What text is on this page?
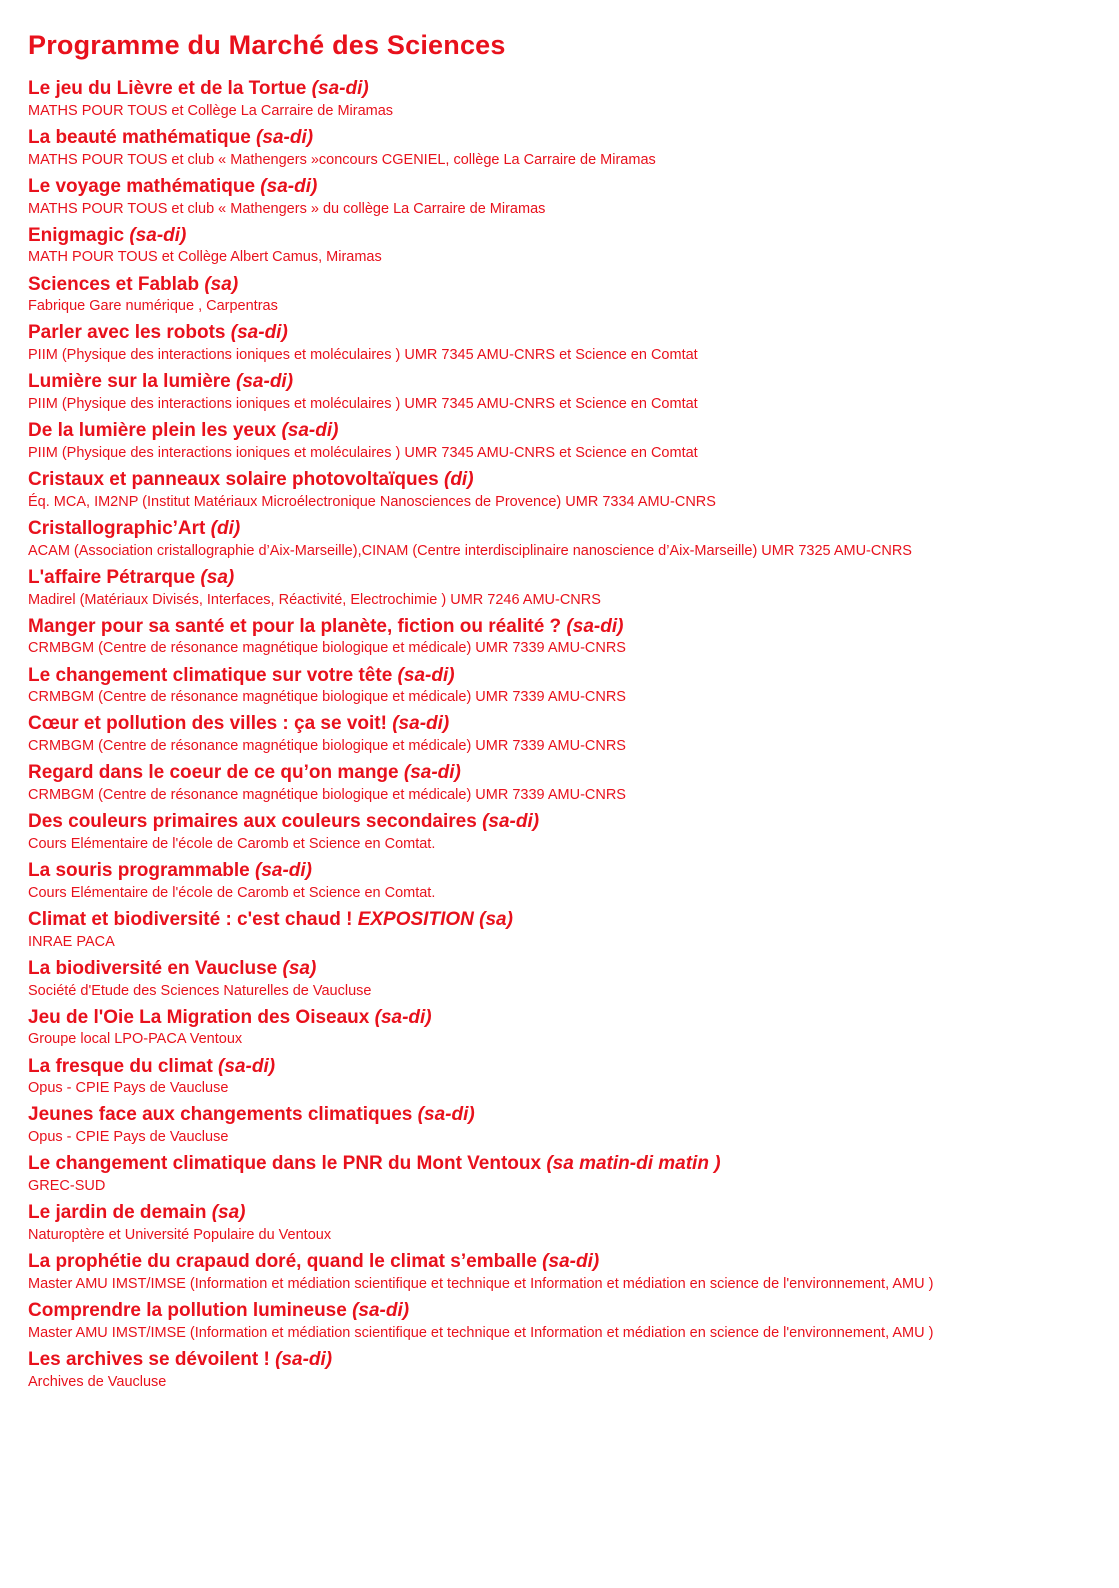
Programme du Marché des Sciences
Le jeu du Lièvre et de la Tortue (sa-di)
MATHS POUR TOUS et Collège La Carraire de Miramas
La beauté mathématique (sa-di)
MATHS POUR TOUS et club « Mathengers »concours CGENIEL, collège La Carraire de Miramas
Le voyage mathématique (sa-di)
MATHS POUR TOUS et club « Mathengers » du collège La Carraire de Miramas
Enigmagic (sa-di)
MATH POUR TOUS et Collège Albert Camus, Miramas
Sciences et Fablab (sa)
Fabrique Gare numérique , Carpentras
Parler avec les robots (sa-di)
PIIM (Physique des interactions ioniques et moléculaires ) UMR 7345 AMU-CNRS et Science en Comtat
Lumière sur la lumière (sa-di)
PIIM (Physique des interactions ioniques et moléculaires ) UMR 7345 AMU-CNRS et Science en Comtat
De la lumière plein les yeux (sa-di)
PIIM (Physique des interactions ioniques et moléculaires ) UMR 7345 AMU-CNRS et Science en Comtat
Cristaux et panneaux solaire photovoltaïques (di)
Éq. MCA, IM2NP (Institut Matériaux Microélectronique Nanosciences de Provence) UMR 7334 AMU-CNRS
Cristallographic’Art (di)
ACAM (Association cristallographie d’Aix-Marseille),CINAM (Centre interdisciplinaire nanoscience d’Aix-Marseille) UMR 7325 AMU-CNRS
L'affaire Pétrarque (sa)
Madirel (Matériaux Divisés, Interfaces, Réactivité, Electrochimie ) UMR 7246 AMU-CNRS
Manger pour sa santé et pour la planète, fiction ou réalité ? (sa-di)
CRMBGM (Centre de résonance magnétique biologique et médicale) UMR 7339 AMU-CNRS
Le changement climatique sur votre tête (sa-di)
CRMBGM (Centre de résonance magnétique biologique et médicale) UMR 7339 AMU-CNRS
Cœur et pollution des villes : ça se voit! (sa-di)
CRMBGM (Centre de résonance magnétique biologique et médicale) UMR 7339 AMU-CNRS
Regard dans le coeur de ce qu’on mange (sa-di)
CRMBGM (Centre de résonance magnétique biologique et médicale) UMR 7339 AMU-CNRS
Des couleurs primaires aux couleurs secondaires (sa-di)
Cours Elémentaire de l'école de Caromb et Science en Comtat.
La souris programmable (sa-di)
Cours Elémentaire de l'école de Caromb et Science en Comtat.
Climat et biodiversité : c'est chaud ! EXPOSITION (sa)
INRAE PACA
La biodiversité en Vaucluse (sa)
Société d'Etude des Sciences Naturelles de Vaucluse
Jeu de l'Oie La Migration des Oiseaux (sa-di)
Groupe local LPO-PACA Ventoux
La fresque du climat (sa-di)
Opus - CPIE Pays de Vaucluse
Jeunes face aux changements climatiques (sa-di)
Opus - CPIE Pays de Vaucluse
Le changement climatique dans le PNR du Mont Ventoux (sa matin-di matin )
GREC-SUD
Le jardin de demain (sa)
Naturoptère et Université Populaire du Ventoux
La prophétie du crapaud doré, quand le climat s’emballe (sa-di)
Master AMU IMST/IMSE (Information et médiation scientifique et technique et Information et médiation en science de l'environnement, AMU )
Comprendre la pollution lumineuse (sa-di)
Master AMU IMST/IMSE (Information et médiation scientifique et technique et Information et médiation en science de l'environnement, AMU )
Les archives se dévoilent ! (sa-di)
Archives de Vaucluse
